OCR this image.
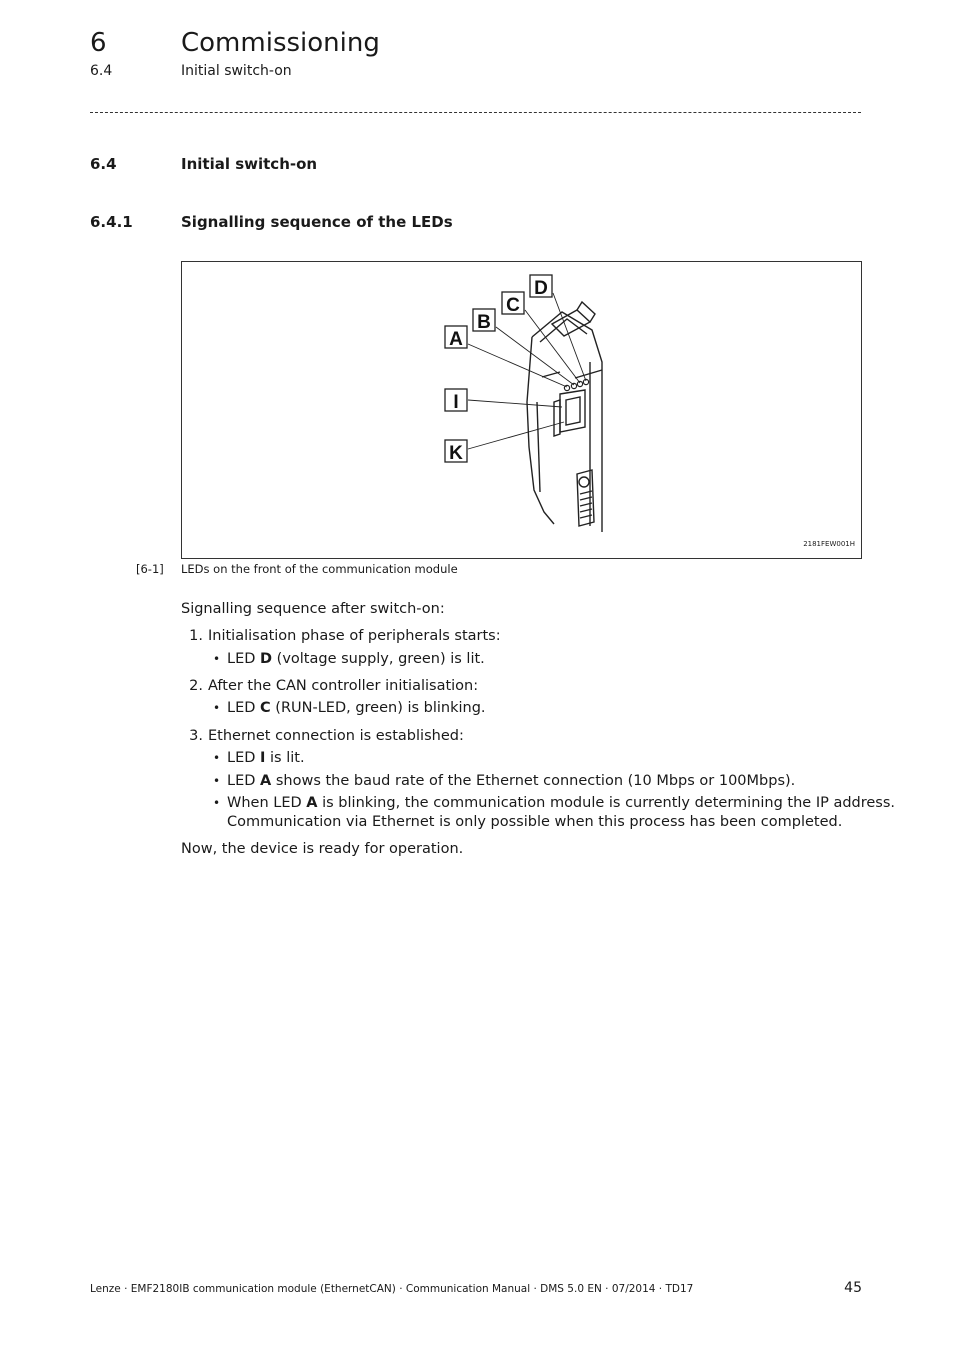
6	Commissioning
6.4	Initial switch-on
6.4	Initial switch-on
6.4.1	Signalling sequence of the LEDs
A
B
C
D
I
K
2181FEW001H
[6-1] LEDs on the front of the communication module
Signalling sequence after switch-on:
1. Initialisation phase of peripherals starts:
• LED D (voltage supply, green) is lit.
2. After the CAN controller initialisation:
• LED C (RUN-LED, green) is blinking.
3. Ethernet connection is established:
• LED I is lit.
• LED A shows the baud rate of the Ethernet connection (10 Mbps or 100Mbps).
• When LED A is blinking, the communication module is currently determining the IP address.
Communication via Ethernet is only possible when this process has been completed.
Now, the device is ready for operation.
Lenze · EMF2180IB communication module (EthernetCAN) · Communication Manual · DMS 5.0 EN · 07/2014 · TD17	45
